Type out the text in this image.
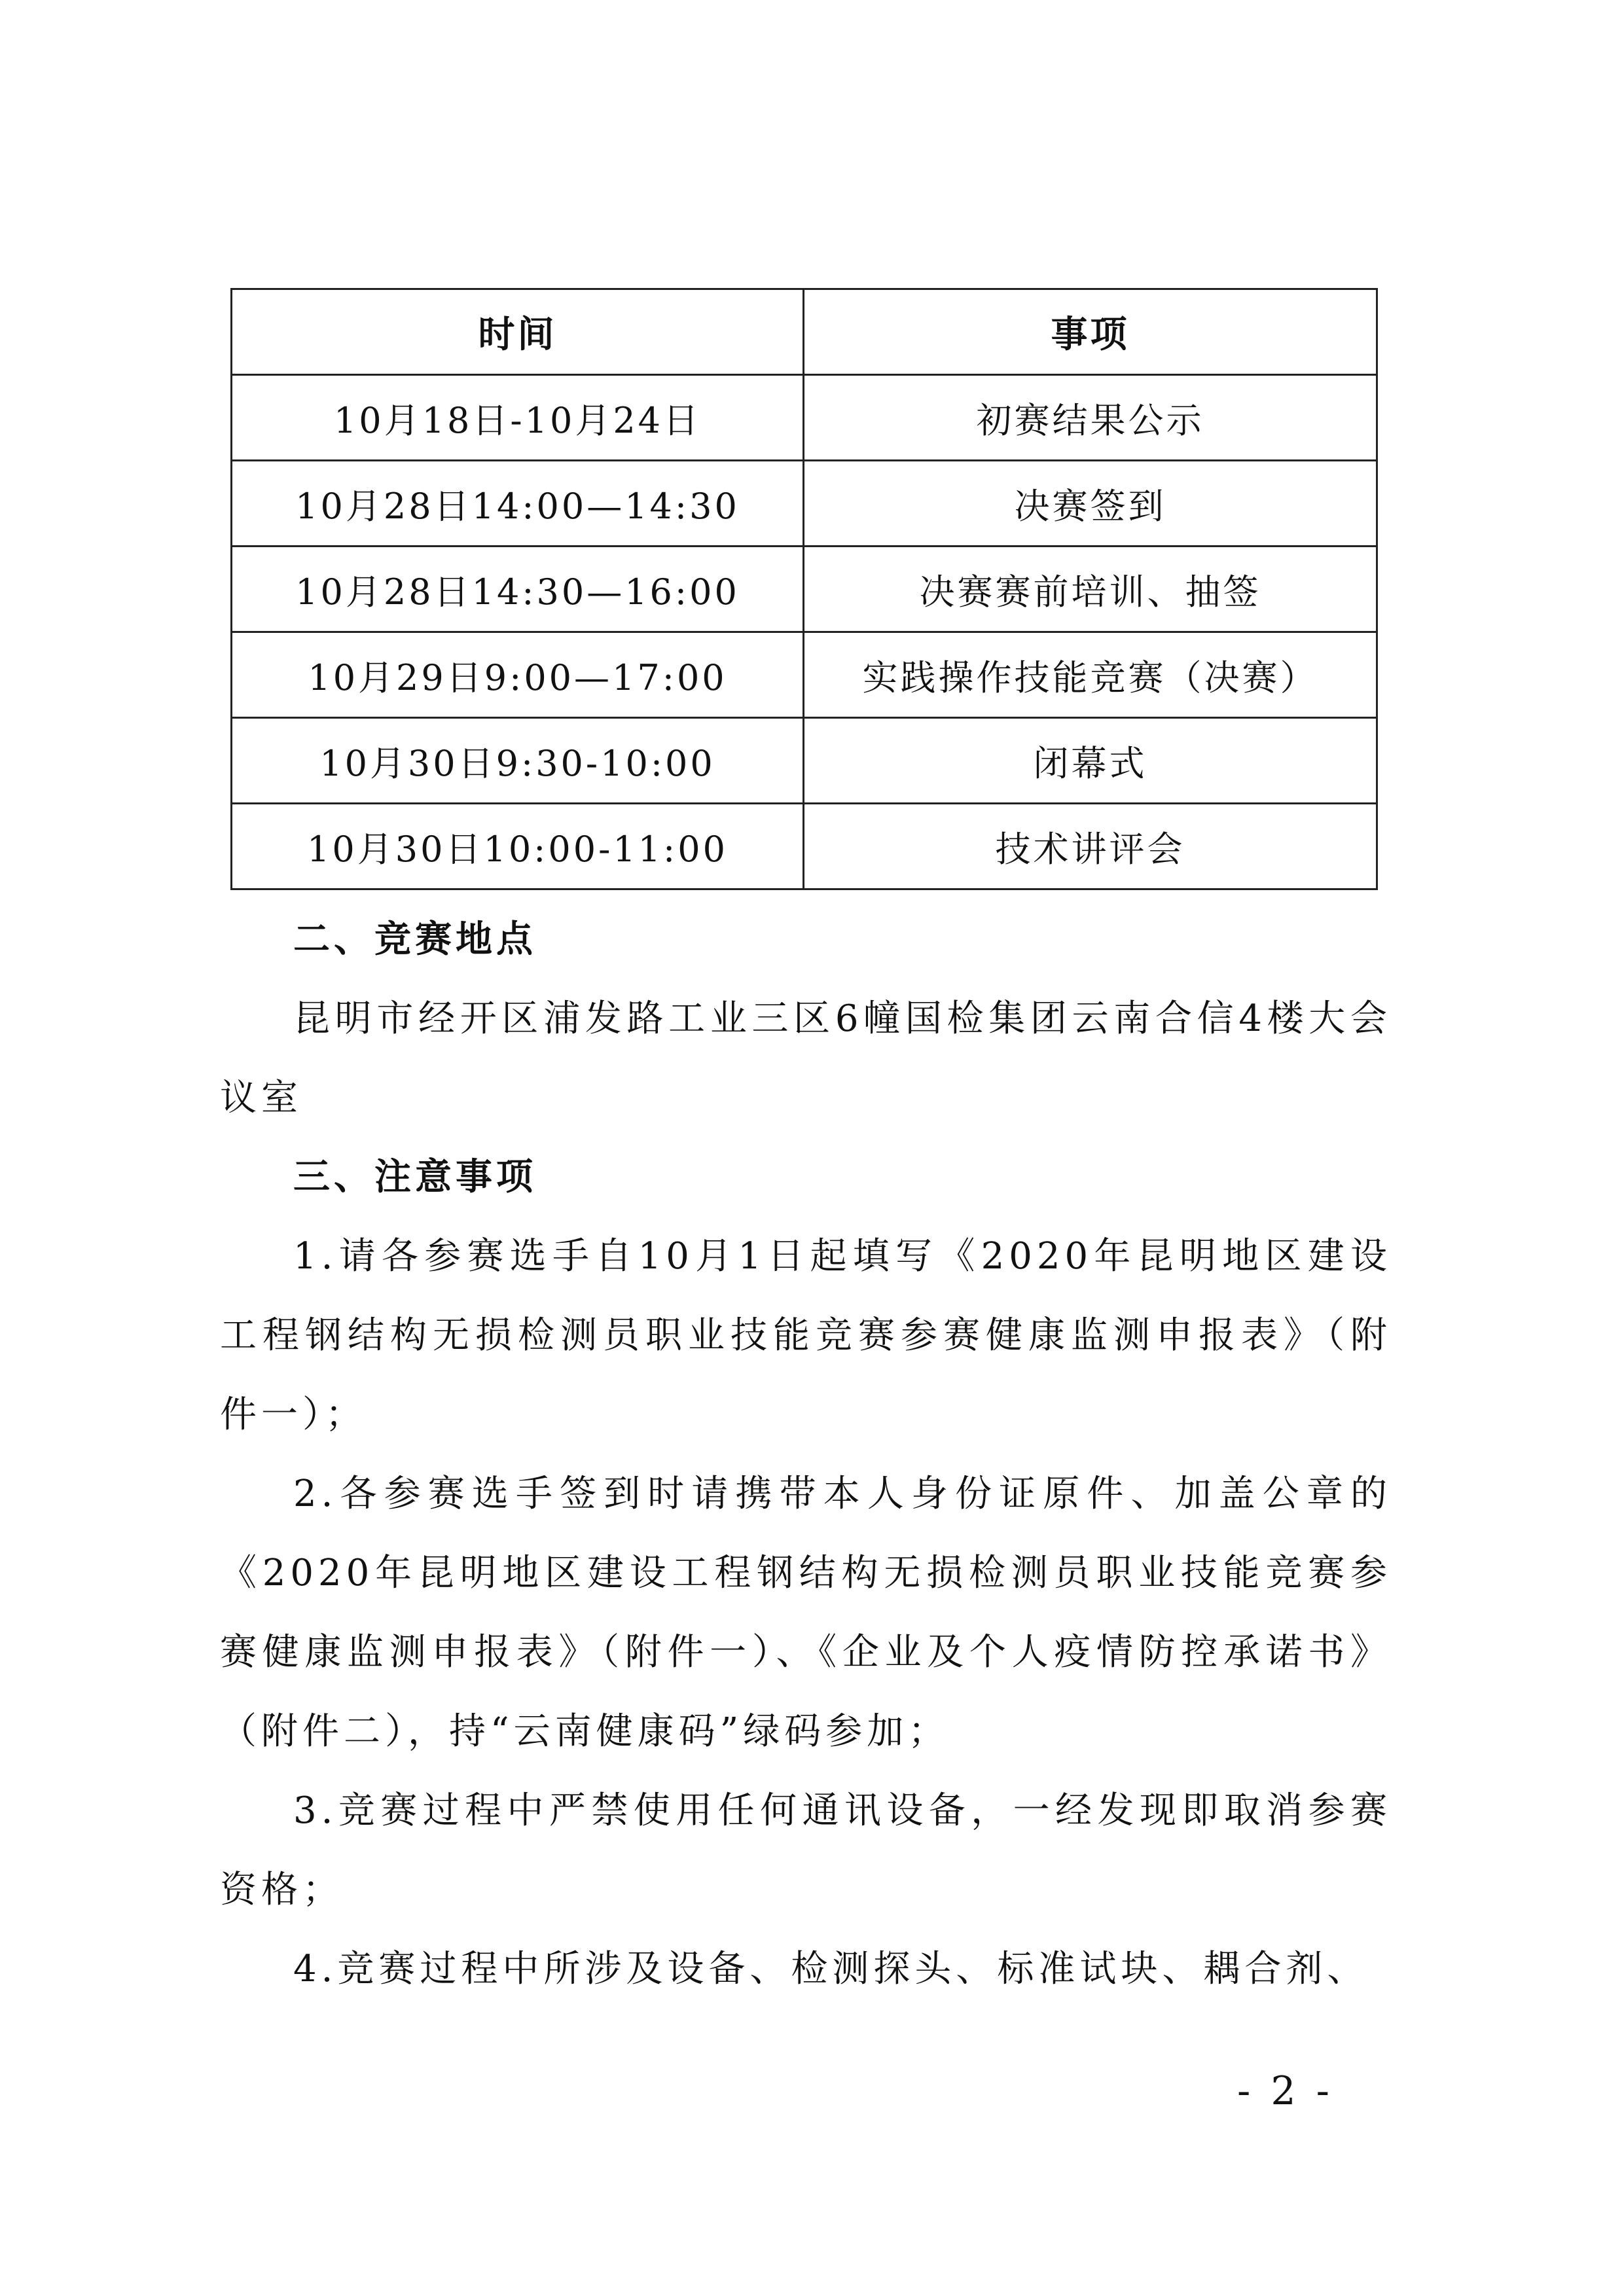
时间	事项
10月18日-10月24日	初赛结果公示
10月28日14:00—14:30	决赛签到
10月28日14:30—16:00	决赛赛前培训、抽签
10月29日9:00—17:00	实践操作技能竞赛（决赛）
10月30日9:30-10:00	闭幕式
10月30日10:00-11:00	技术讲评会

二、竞赛地点

昆明市经开区浦发路工业三区6幢国检集团云南合信4楼大会议室

三、注意事项

1.请各参赛选手自10月1日起填写《2020年昆明地区建设工程钢结构无损检测员职业技能竞赛参赛健康监测申报表》（附件一）；

2.各参赛选手签到时请携带本人身份证原件、加盖公章的《2020年昆明地区建设工程钢结构无损检测员职业技能竞赛参赛健康监测申报表》（附件一）、《企业及个人疫情防控承诺书》（附件二），持“云南健康码”绿码参加；

3.竞赛过程中严禁使用任何通讯设备，一经发现即取消参赛资格；

4.竞赛过程中所涉及设备、检测探头、标准试块、耦合剂、

- 2 -
